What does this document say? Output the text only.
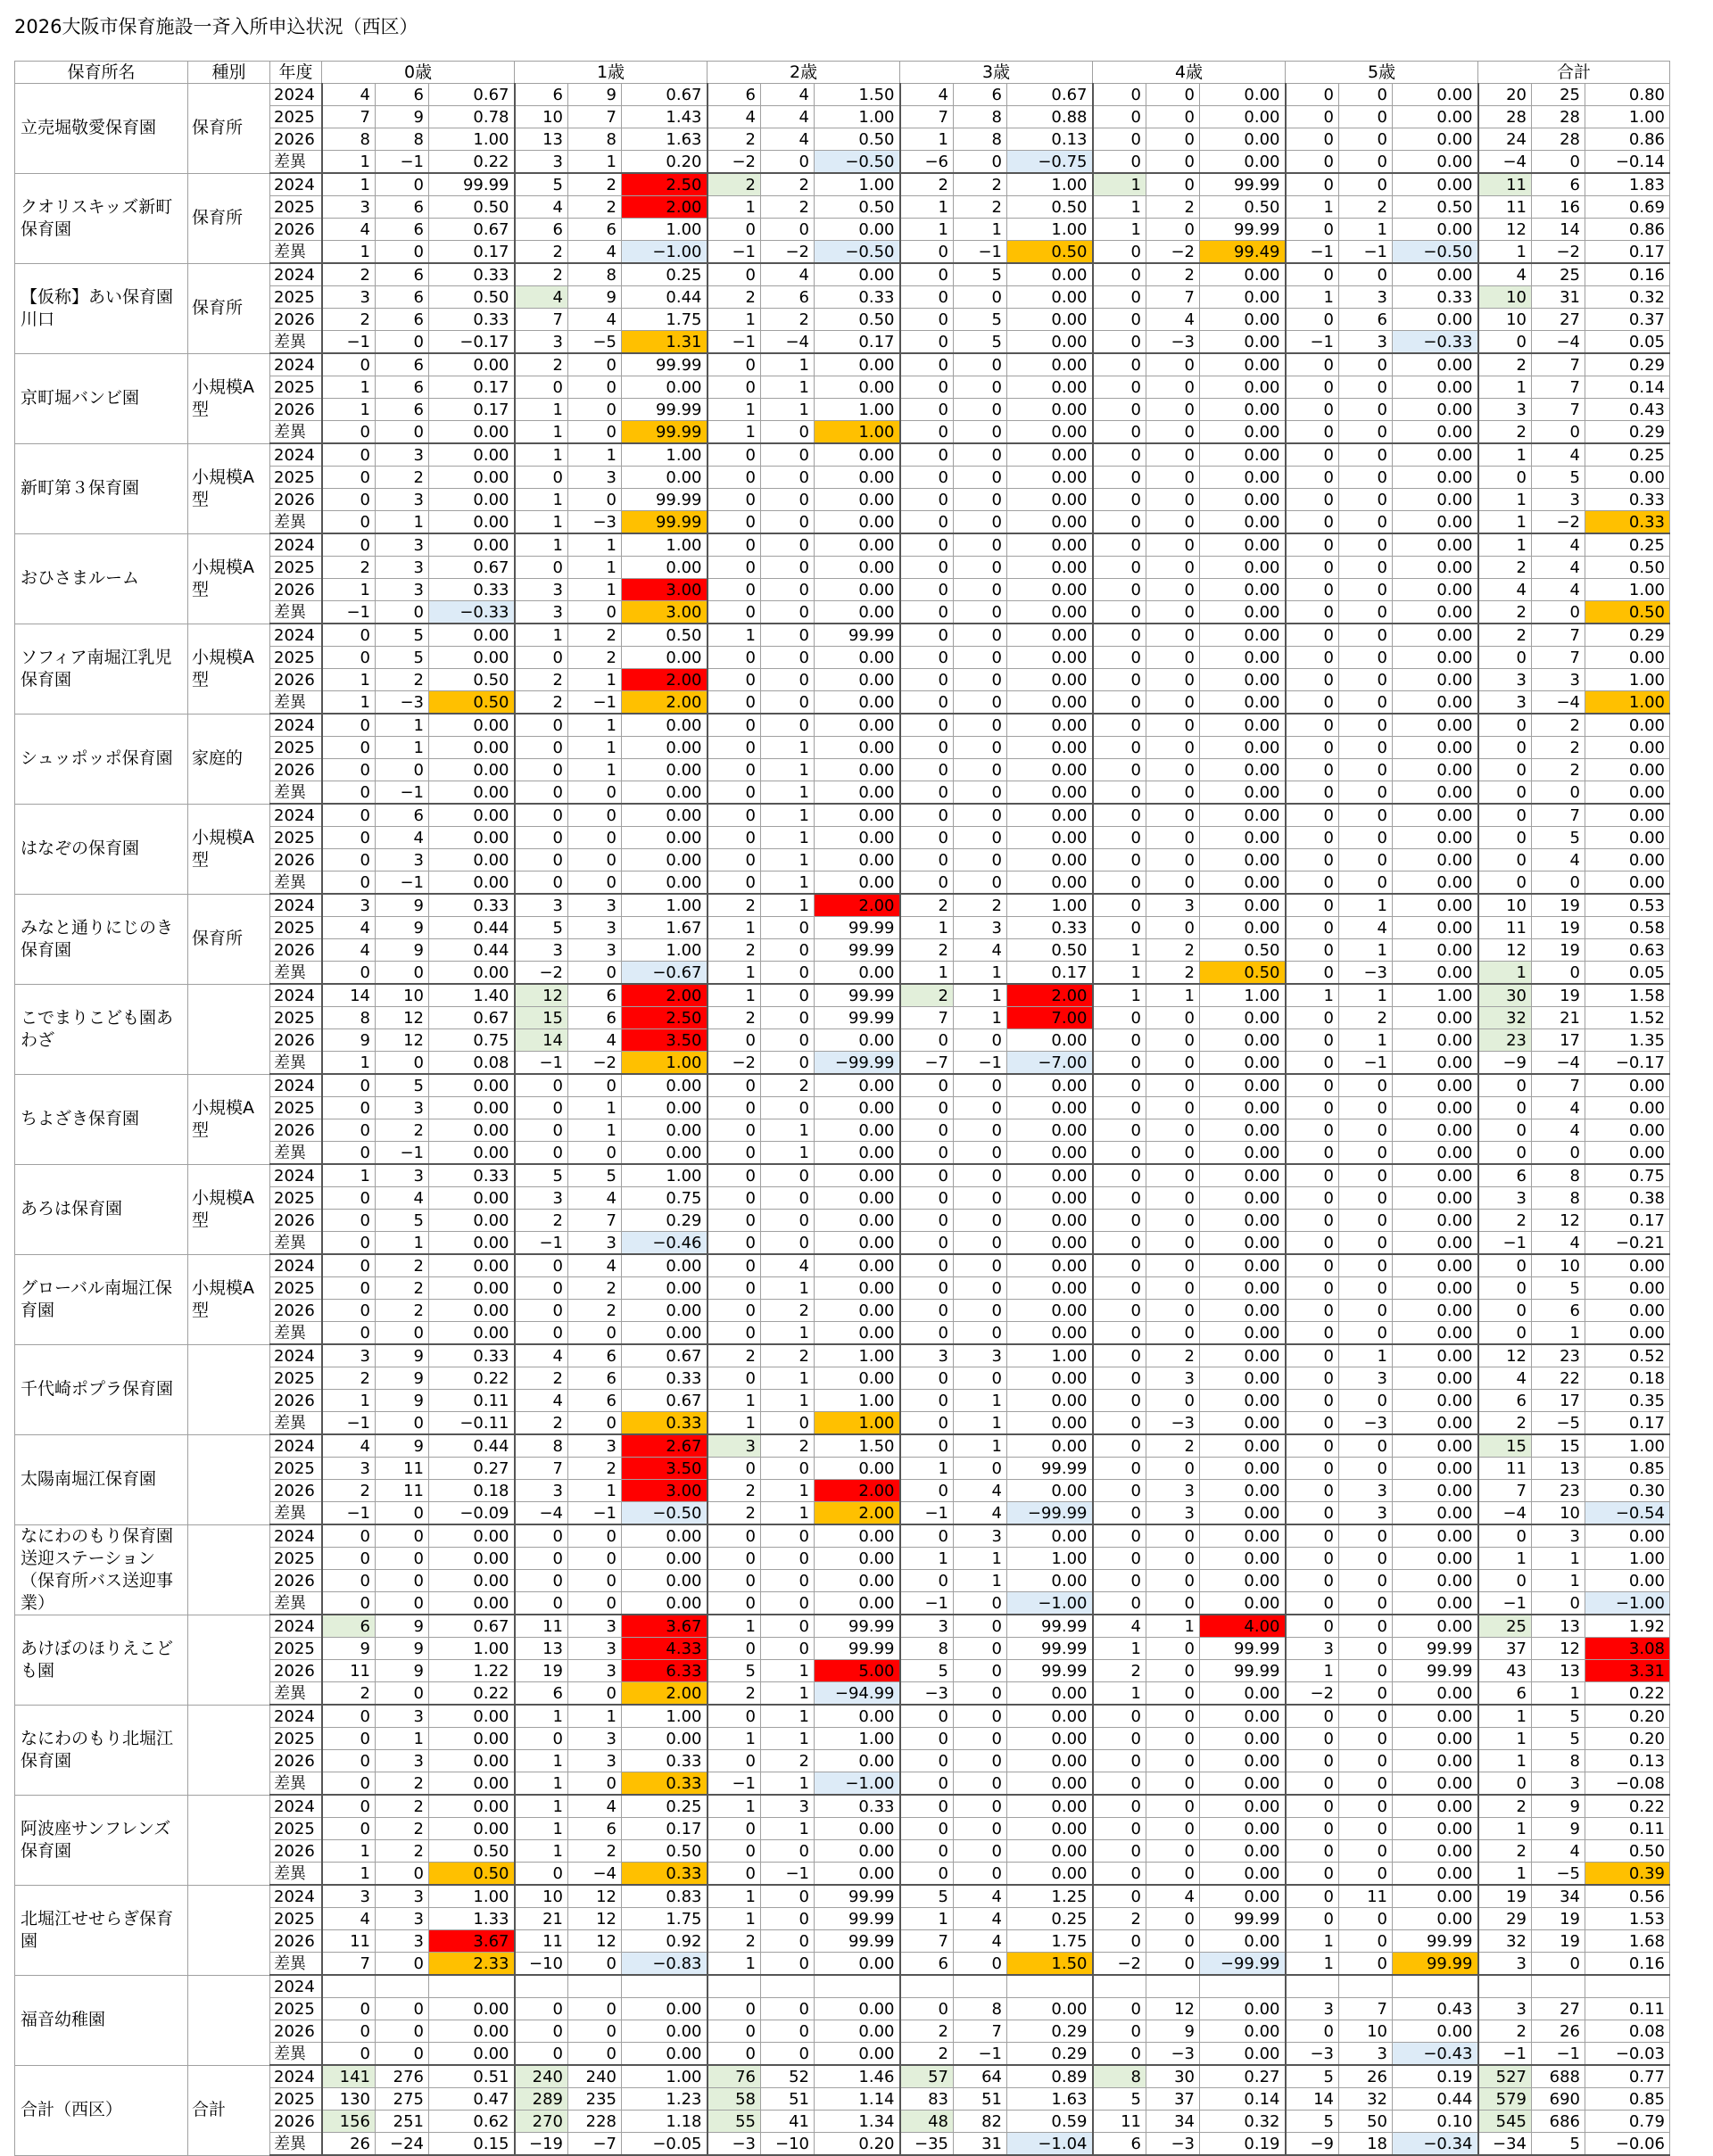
2026大阪市保育施設一斉入所申込状況（西区）
保育所名	種別	年度	0歳			1歳			2歳			3歳			4歳			5歳			合計		
立売堀敬愛保育園	保育所	2024	4	6	0.67	6	9	0.67	6	4	1.50	4	6	0.67	0	0	0.00	0	0	0.00	20	25	0.80
		2025	7	9	0.78	10	7	1.43	4	4	1.00	7	8	0.88	0	0	0.00	0	0	0.00	28	28	1.00
		2026	8	8	1.00	13	8	1.63	2	4	0.50	1	8	0.13	0	0	0.00	0	0	0.00	24	28	0.86
		差異	1	−1	0.22	3	1	0.20	−2	0	−0.50	−6	0	−0.75	0	0	0.00	0	0	0.00	−4	0	−0.14
クオリスキッズ新町保育園	保育所	2024	1	0	99.99	5	2	2.50	2	2	1.00	2	2	1.00	1	0	99.99	0	0	0.00	11	6	1.83
		2025	3	6	0.50	4	2	2.00	1	2	0.50	1	2	0.50	1	2	0.50	1	2	0.50	11	16	0.69
		2026	4	6	0.67	6	6	1.00	0	0	0.00	1	1	1.00	1	0	99.99	0	1	0.00	12	14	0.86
		差異	1	0	0.17	2	4	−1.00	−1	−2	−0.50	0	−1	0.50	0	−2	99.49	−1	−1	−0.50	1	−2	0.17
【仮称】あい保育園川口	保育所	2024	2	6	0.33	2	8	0.25	0	4	0.00	0	5	0.00	0	2	0.00	0	0	0.00	4	25	0.16
		2025	3	6	0.50	4	9	0.44	2	6	0.33	0	0	0.00	0	7	0.00	1	3	0.33	10	31	0.32
		2026	2	6	0.33	7	4	1.75	1	2	0.50	0	5	0.00	0	4	0.00	0	6	0.00	10	27	0.37
		差異	−1	0	−0.17	3	−5	1.31	−1	−4	0.17	0	5	0.00	0	−3	0.00	−1	3	−0.33	0	−4	0.05
京町堀バンビ園	小規模A型	2024	0	6	0.00	2	0	99.99	0	1	0.00	0	0	0.00	0	0	0.00	0	0	0.00	2	7	0.29
		2025	1	6	0.17	0	0	0.00	0	1	0.00	0	0	0.00	0	0	0.00	0	0	0.00	1	7	0.14
		2026	1	6	0.17	1	0	99.99	1	1	1.00	0	0	0.00	0	0	0.00	0	0	0.00	3	7	0.43
		差異	0	0	0.00	1	0	99.99	1	0	1.00	0	0	0.00	0	0	0.00	0	0	0.00	2	0	0.29
新町第３保育園	小規模A型	2024	0	3	0.00	1	1	1.00	0	0	0.00	0	0	0.00	0	0	0.00	0	0	0.00	1	4	0.25
		2025	0	2	0.00	0	3	0.00	0	0	0.00	0	0	0.00	0	0	0.00	0	0	0.00	0	5	0.00
		2026	0	3	0.00	1	0	99.99	0	0	0.00	0	0	0.00	0	0	0.00	0	0	0.00	1	3	0.33
		差異	0	1	0.00	1	−3	99.99	0	0	0.00	0	0	0.00	0	0	0.00	0	0	0.00	1	−2	0.33
おひさまルーム	小規模A型	2024	0	3	0.00	1	1	1.00	0	0	0.00	0	0	0.00	0	0	0.00	0	0	0.00	1	4	0.25
		2025	2	3	0.67	0	1	0.00	0	0	0.00	0	0	0.00	0	0	0.00	0	0	0.00	2	4	0.50
		2026	1	3	0.33	3	1	3.00	0	0	0.00	0	0	0.00	0	0	0.00	0	0	0.00	4	4	1.00
		差異	−1	0	−0.33	3	0	3.00	0	0	0.00	0	0	0.00	0	0	0.00	0	0	0.00	2	0	0.50
ソフィア南堀江乳児保育園	小規模A型	2024	0	5	0.00	1	2	0.50	1	0	99.99	0	0	0.00	0	0	0.00	0	0	0.00	2	7	0.29
		2025	0	5	0.00	0	2	0.00	0	0	0.00	0	0	0.00	0	0	0.00	0	0	0.00	0	7	0.00
		2026	1	2	0.50	2	1	2.00	0	0	0.00	0	0	0.00	0	0	0.00	0	0	0.00	3	3	1.00
		差異	1	−3	0.50	2	−1	2.00	0	0	0.00	0	0	0.00	0	0	0.00	0	0	0.00	3	−4	1.00
シュッポッポ保育園	家庭的	2024	0	1	0.00	0	1	0.00	0	0	0.00	0	0	0.00	0	0	0.00	0	0	0.00	0	2	0.00
		2025	0	1	0.00	0	1	0.00	0	1	0.00	0	0	0.00	0	0	0.00	0	0	0.00	0	2	0.00
		2026	0	0	0.00	0	1	0.00	0	1	0.00	0	0	0.00	0	0	0.00	0	0	0.00	0	2	0.00
		差異	0	−1	0.00	0	0	0.00	0	1	0.00	0	0	0.00	0	0	0.00	0	0	0.00	0	0	0.00
はなぞの保育園	小規模A型	2024	0	6	0.00	0	0	0.00	0	1	0.00	0	0	0.00	0	0	0.00	0	0	0.00	0	7	0.00
		2025	0	4	0.00	0	0	0.00	0	1	0.00	0	0	0.00	0	0	0.00	0	0	0.00	0	5	0.00
		2026	0	3	0.00	0	0	0.00	0	1	0.00	0	0	0.00	0	0	0.00	0	0	0.00	0	4	0.00
		差異	0	−1	0.00	0	0	0.00	0	1	0.00	0	0	0.00	0	0	0.00	0	0	0.00	0	0	0.00
みなと通りにじのき保育園	保育所	2024	3	9	0.33	3	3	1.00	2	1	2.00	2	2	1.00	0	3	0.00	0	1	0.00	10	19	0.53
		2025	4	9	0.44	5	3	1.67	1	0	99.99	1	3	0.33	0	0	0.00	0	4	0.00	11	19	0.58
		2026	4	9	0.44	3	3	1.00	2	0	99.99	2	4	0.50	1	2	0.50	0	1	0.00	12	19	0.63
		差異	0	0	0.00	−2	0	−0.67	1	0	0.00	1	1	0.17	1	2	0.50	0	−3	0.00	1	0	0.05
こでまりこども園あわざ		2024	14	10	1.40	12	6	2.00	1	0	99.99	2	1	2.00	1	1	1.00	1	1	1.00	30	19	1.58
		2025	8	12	0.67	15	6	2.50	2	0	99.99	7	1	7.00	0	0	0.00	0	2	0.00	32	21	1.52
		2026	9	12	0.75	14	4	3.50	0	0	0.00	0	0	0.00	0	0	0.00	0	1	0.00	23	17	1.35
		差異	1	0	0.08	−1	−2	1.00	−2	0	−99.99	−7	−1	−7.00	0	0	0.00	0	−1	0.00	−9	−4	−0.17
ちよざき保育園	小規模A型	2024	0	5	0.00	0	0	0.00	0	2	0.00	0	0	0.00	0	0	0.00	0	0	0.00	0	7	0.00
		2025	0	3	0.00	0	1	0.00	0	0	0.00	0	0	0.00	0	0	0.00	0	0	0.00	0	4	0.00
		2026	0	2	0.00	0	1	0.00	0	1	0.00	0	0	0.00	0	0	0.00	0	0	0.00	0	4	0.00
		差異	0	−1	0.00	0	0	0.00	0	1	0.00	0	0	0.00	0	0	0.00	0	0	0.00	0	0	0.00
あろは保育園	小規模A型	2024	1	3	0.33	5	5	1.00	0	0	0.00	0	0	0.00	0	0	0.00	0	0	0.00	6	8	0.75
		2025	0	4	0.00	3	4	0.75	0	0	0.00	0	0	0.00	0	0	0.00	0	0	0.00	3	8	0.38
		2026	0	5	0.00	2	7	0.29	0	0	0.00	0	0	0.00	0	0	0.00	0	0	0.00	2	12	0.17
		差異	0	1	0.00	−1	3	−0.46	0	0	0.00	0	0	0.00	0	0	0.00	0	0	0.00	−1	4	−0.21
グローバル南堀江保育園	小規模A型	2024	0	2	0.00	0	4	0.00	0	4	0.00	0	0	0.00	0	0	0.00	0	0	0.00	0	10	0.00
		2025	0	2	0.00	0	2	0.00	0	1	0.00	0	0	0.00	0	0	0.00	0	0	0.00	0	5	0.00
		2026	0	2	0.00	0	2	0.00	0	2	0.00	0	0	0.00	0	0	0.00	0	0	0.00	0	6	0.00
		差異	0	0	0.00	0	0	0.00	0	1	0.00	0	0	0.00	0	0	0.00	0	0	0.00	0	1	0.00
千代崎ポプラ保育園		2024	3	9	0.33	4	6	0.67	2	2	1.00	3	3	1.00	0	2	0.00	0	1	0.00	12	23	0.52
		2025	2	9	0.22	2	6	0.33	0	1	0.00	0	0	0.00	0	3	0.00	0	3	0.00	4	22	0.18
		2026	1	9	0.11	4	6	0.67	1	1	1.00	0	1	0.00	0	0	0.00	0	0	0.00	6	17	0.35
		差異	−1	0	−0.11	2	0	0.33	1	0	1.00	0	1	0.00	0	−3	0.00	0	−3	0.00	2	−5	0.17
太陽南堀江保育園		2024	4	9	0.44	8	3	2.67	3	2	1.50	0	1	0.00	0	2	0.00	0	0	0.00	15	15	1.00
		2025	3	11	0.27	7	2	3.50	0	0	0.00	1	0	99.99	0	0	0.00	0	0	0.00	11	13	0.85
		2026	2	11	0.18	3	1	3.00	2	1	2.00	0	4	0.00	0	3	0.00	0	3	0.00	7	23	0.30
		差異	−1	0	−0.09	−4	−1	−0.50	2	1	2.00	−1	4	−99.99	0	3	0.00	0	3	0.00	−4	10	−0.54
なにわのもり保育園送迎ステーション（保育所バス送迎事業）		2024	0	0	0.00	0	0	0.00	0	0	0.00	0	3	0.00	0	0	0.00	0	0	0.00	0	3	0.00
		2025	0	0	0.00	0	0	0.00	0	0	0.00	1	1	1.00	0	0	0.00	0	0	0.00	1	1	1.00
		2026	0	0	0.00	0	0	0.00	0	0	0.00	0	1	0.00	0	0	0.00	0	0	0.00	0	1	0.00
		差異	0	0	0.00	0	0	0.00	0	0	0.00	−1	0	−1.00	0	0	0.00	0	0	0.00	−1	0	−1.00
あけぼのほりえこども園		2024	6	9	0.67	11	3	3.67	1	0	99.99	3	0	99.99	4	1	4.00	0	0	0.00	25	13	1.92
		2025	9	9	1.00	13	3	4.33	0	0	99.99	8	0	99.99	1	0	99.99	3	0	99.99	37	12	3.08
		2026	11	9	1.22	19	3	6.33	5	1	5.00	5	0	99.99	2	0	99.99	1	0	99.99	43	13	3.31
		差異	2	0	0.22	6	0	2.00	2	1	−94.99	−3	0	0.00	1	0	0.00	−2	0	0.00	6	1	0.22
なにわのもり北堀江保育園		2024	0	3	0.00	1	1	1.00	0	1	0.00	0	0	0.00	0	0	0.00	0	0	0.00	1	5	0.20
		2025	0	1	0.00	0	3	0.00	1	1	1.00	0	0	0.00	0	0	0.00	0	0	0.00	1	5	0.20
		2026	0	3	0.00	1	3	0.33	0	2	0.00	0	0	0.00	0	0	0.00	0	0	0.00	1	8	0.13
		差異	0	2	0.00	1	0	0.33	−1	1	−1.00	0	0	0.00	0	0	0.00	0	0	0.00	0	3	−0.08
阿波座サンフレンズ保育園		2024	0	2	0.00	1	4	0.25	1	3	0.33	0	0	0.00	0	0	0.00	0	0	0.00	2	9	0.22
		2025	0	2	0.00	1	6	0.17	0	1	0.00	0	0	0.00	0	0	0.00	0	0	0.00	1	9	0.11
		2026	1	2	0.50	1	2	0.50	0	0	0.00	0	0	0.00	0	0	0.00	0	0	0.00	2	4	0.50
		差異	1	0	0.50	0	−4	0.33	0	−1	0.00	0	0	0.00	0	0	0.00	0	0	0.00	1	−5	0.39
北堀江せせらぎ保育園		2024	3	3	1.00	10	12	0.83	1	0	99.99	5	4	1.25	0	4	0.00	0	11	0.00	19	34	0.56
		2025	4	3	1.33	21	12	1.75	1	0	99.99	1	4	0.25	2	0	99.99	0	0	0.00	29	19	1.53
		2026	11	3	3.67	11	12	0.92	2	0	99.99	7	4	1.75	0	0	0.00	1	0	99.99	32	19	1.68
		差異	7	0	2.33	−10	0	−0.83	1	0	0.00	6	0	1.50	−2	0	−99.99	1	0	99.99	3	0	0.16
福音幼稚園		2024																					
		2025	0	0	0.00	0	0	0.00	0	0	0.00	0	8	0.00	0	12	0.00	3	7	0.43	3	27	0.11
		2026	0	0	0.00	0	0	0.00	0	0	0.00	2	7	0.29	0	9	0.00	0	10	0.00	2	26	0.08
		差異	0	0	0.00	0	0	0.00	0	0	0.00	2	−1	0.29	0	−3	0.00	−3	3	−0.43	−1	−1	−0.03
合計（西区）	合計	2024	141	276	0.51	240	240	1.00	76	52	1.46	57	64	0.89	8	30	0.27	5	26	0.19	527	688	0.77
		2025	130	275	0.47	289	235	1.23	58	51	1.14	83	51	1.63	5	37	0.14	14	32	0.44	579	690	0.85
		2026	156	251	0.62	270	228	1.18	55	41	1.34	48	82	0.59	11	34	0.32	5	50	0.10	545	686	0.79
		差異	26	−24	0.15	−19	−7	−0.05	−3	−10	0.20	−35	31	−1.04	6	−3	0.19	−9	18	−0.34	−34	5	−0.06
